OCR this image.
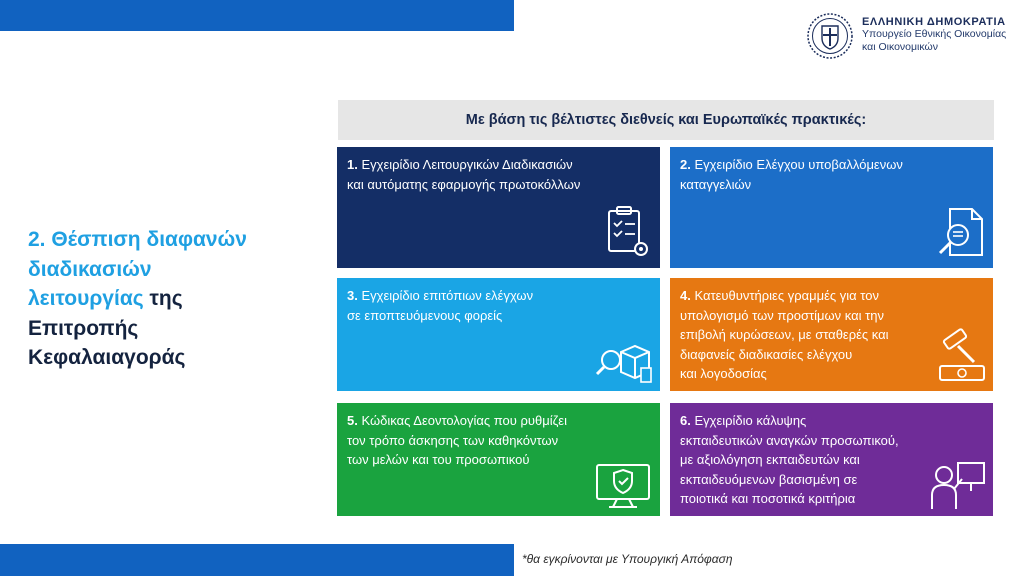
ΕΛΛΗΝΙΚΗ ΔΗΜΟΚΡΑΤΙΑ
Υπουργείο Εθνικής Οικονομίας
και Οικονομικών
2. Θέσπιση διαφανών
διαδικασιών
λειτουργίας της
Επιτροπής
Κεφαλαιαγοράς
Με βάση τις βέλτιστες διεθνείς και Ευρωπαϊκές πρακτικές:
1. Εγχειρίδιο Λειτουργικών Διαδικασιών
και αυτόματης εφαρμογής πρωτοκόλλων
2. Εγχειρίδιο Ελέγχου υποβαλλόμενων
καταγγελιών
3. Εγχειρίδιο επιτόπιων ελέγχων
σε εποπτευόμενους φορείς
4. Κατευθυντήριες γραμμές για τον
υπολογισμό των προστίμων και την
επιβολή κυρώσεων, με σταθερές και
διαφανείς διαδικασίες ελέγχου
και λογοδοσίας
5. Κώδικας Δεοντολογίας που ρυθμίζει
τον τρόπο άσκησης των καθηκόντων
των μελών και του προσωπικού
6. Εγχειρίδιο κάλυψης
εκπαιδευτικών αναγκών προσωπικού,
με αξιολόγηση εκπαιδευτών και
εκπαιδευόμενων βασισμένη σε
ποιοτικά και ποσοτικά κριτήρια
*θα εγκρίνονται με Υπουργική Απόφαση
